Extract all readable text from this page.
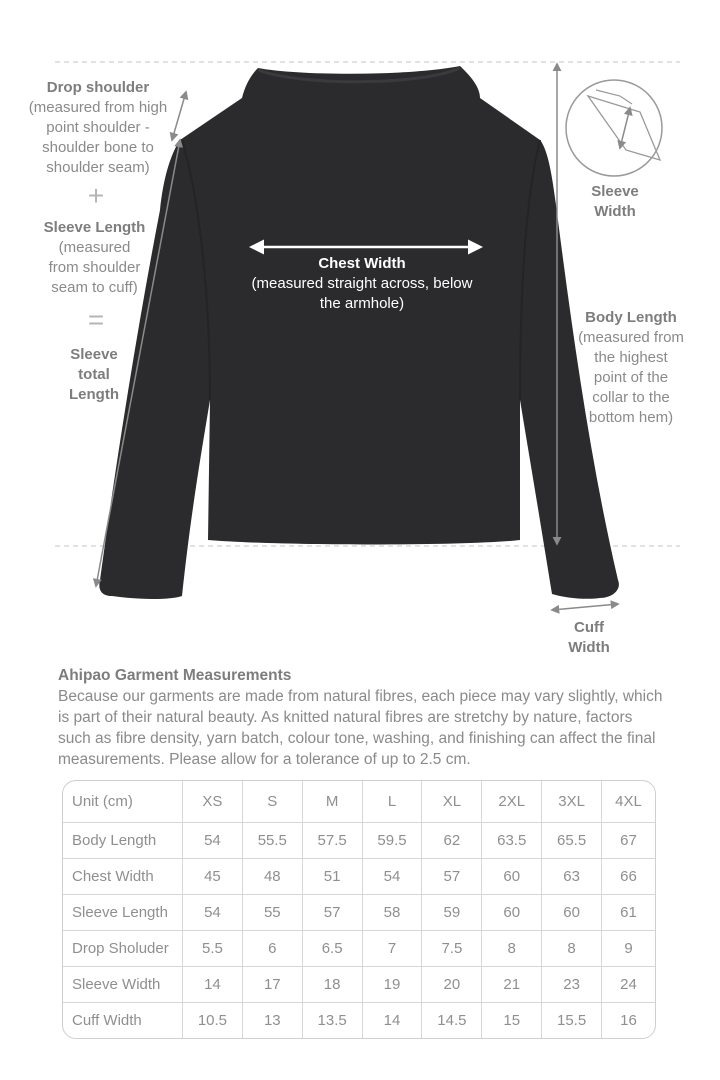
Drop shoulder
(measured from high
point shoulder -
shoulder bone to
shoulder seam)
+
Sleeve Length
(measured
from shoulder
seam to cuff)
=
Sleeve
total
Length
Chest Width
(measured straight across, below
the armhole)
Sleeve
Width
Body Length
(measured from
the highest
point of the
collar to the
bottom hem)
Cuff
Width
Ahipao Garment Measurements
Because our garments are made from natural fibres, each piece may vary slightly, which is part of their natural beauty. As knitted natural fibres are stretchy by nature, factors such as fibre density, yarn batch, colour tone, washing, and finishing can affect the final measurements. Please allow for a tolerance of up to 2.5 cm.
Unit (cm)	XS	S	M	L	XL	2XL	3XL	4XL
Body Length	54	55.5	57.5	59.5	62	63.5	65.5	67
Chest Width	45	48	51	54	57	60	63	66
Sleeve Length	54	55	57	58	59	60	60	61
Drop Sholuder	5.5	6	6.5	7	7.5	8	8	9
Sleeve Width	14	17	18	19	20	21	23	24
Cuff Width	10.5	13	13.5	14	14.5	15	15.5	16
